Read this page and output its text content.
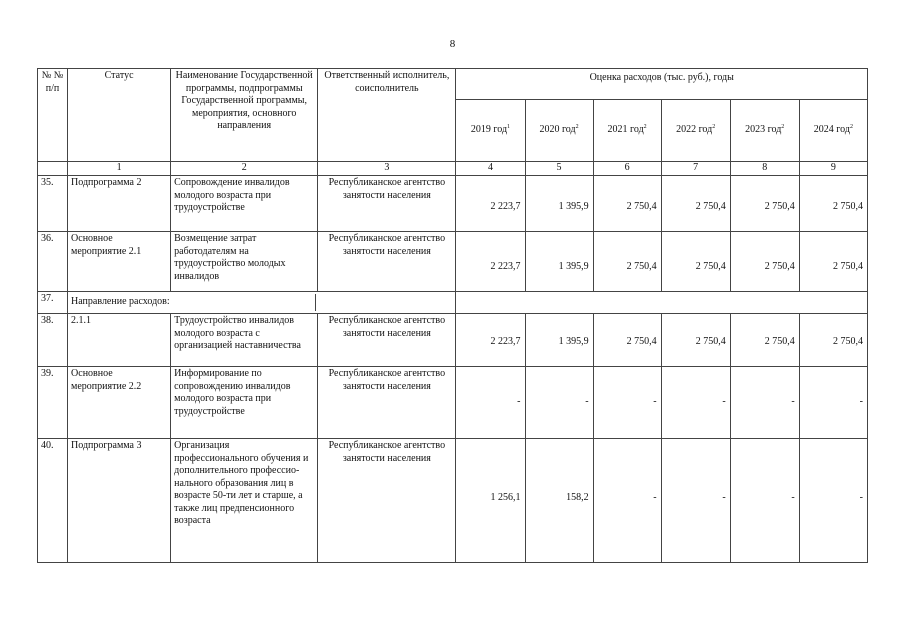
8
№ № п/п	Статус	Наименование Государственной программы, подпрограммы Государственной программы, мероприятия, основного направления	Ответственный исполнитель, соисполнитель	Оценка расходов (тыс. руб.), годы					
				2019 год$^1$	2020 год$^2$	2021 год$^2$	2022 год$^2$	2023 год$^2$	2024 год$^2$
	1	2	3	4	5	6	7	8	9
35.	Подпрограмма 2	Сопровождение инвалидов молодого возраста при трудоустройстве	Республиканское агентство занятости населения	2 223,7	1 395,9	2 750,4	2 750,4	2 750,4	2 750,4
36.	Основное мероприятие 2.1	Возмещение затрат работодателям на трудоустройство молодых инвалидов	Республиканское агентство занятости населения	2 223,7	1 395,9	2 750,4	2 750,4	2 750,4	2 750,4
37.	Направление расходов:								
38.	2.1.1	Трудоустройство инвалидов молодого возраста с организацией наставничества	Республиканское агентство занятости населения	2 223,7	1 395,9	2 750,4	2 750,4	2 750,4	2 750,4
39.	Основное мероприятие 2.2	Информирование по сопровождению инвалидов молодого возраста при трудоустройстве	Республиканское агентство занятости населения	-	-	-	-	-	-
40.	Подпрограмма 3	Организация профессионального обучения и дополнительного профессио-нального образования лиц в возрасте 50-ти лет и старше, а также лиц предпенсионного возраста	Республиканское агентство занятости населения	1 256,1	158,2	-	-	-	-
